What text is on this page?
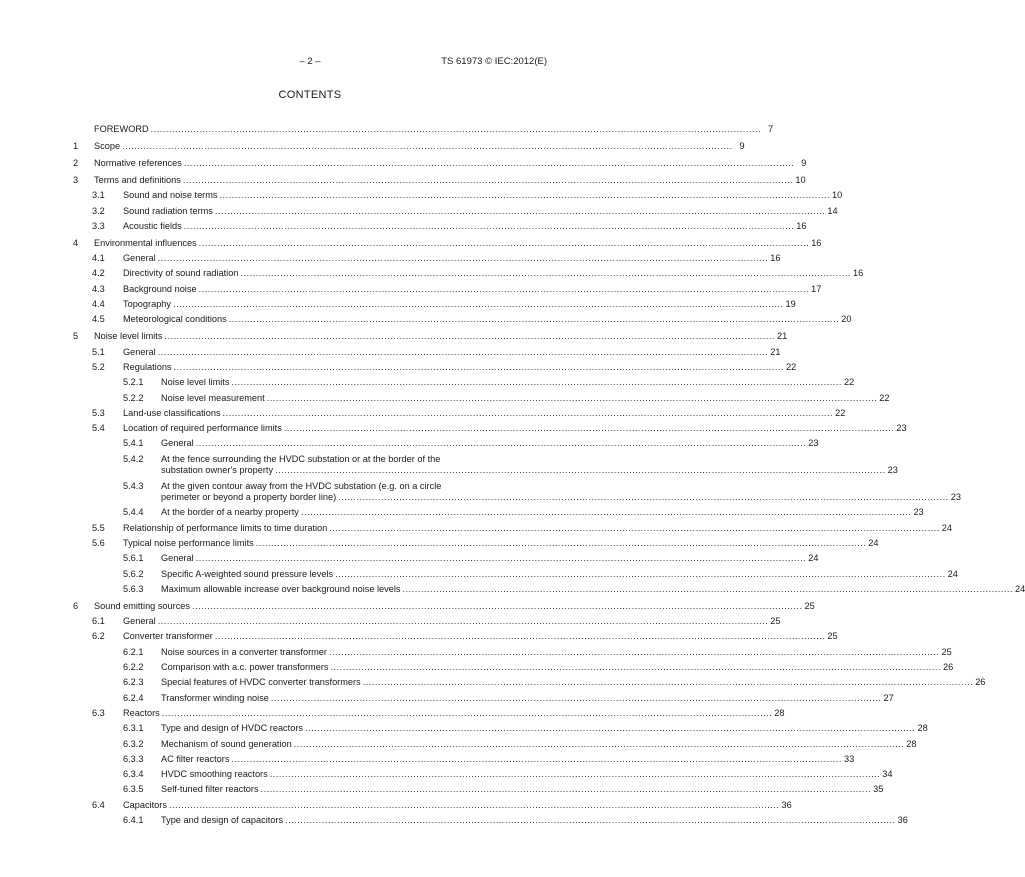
– 2 –	TS 61973 © IEC:2012(E)
CONTENTS
FOREWORD .....	7
1	Scope .....	9
2	Normative references .....	9
3	Terms and definitions .....	10
3.1	Sound and noise terms .....	10
3.2	Sound radiation terms .....	14
3.3	Acoustic fields .....	16
4	Environmental influences .....	16
4.1	General .....	16
4.2	Directivity of sound radiation .....	16
4.3	Background noise .....	17
4.4	Topography .....	19
4.5	Meteorological conditions .....	20
5	Noise level limits .....	21
5.1	General .....	21
5.2	Regulations .....	22
5.2.1	Noise level limits .....	22
5.2.2	Noise level measurement .....	22
5.3	Land-use classifications .....	22
5.4	Location of required performance limits .....	23
5.4.1	General .....	23
5.4.2	At the fence surrounding the HVDC substation or at the border of the
substation owner's property .....	23
5.4.3	At the given contour away from the HVDC substation (e.g. on a circle
perimeter or beyond a property border line) .....	23
5.4.4	At the border of a nearby property .....	23
5.5	Relationship of performance limits to time duration .....	24
5.6	Typical noise performance limits .....	24
5.6.1	General .....	24
5.6.2	Specific A-weighted sound pressure levels .....	24
5.6.3	Maximum allowable increase over background noise levels .....	24
6	Sound emitting sources .....	25
6.1	General .....	25
6.2	Converter transformer .....	25
6.2.1	Noise sources in a converter transformer .....	25
6.2.2	Comparison with a.c. power transformers .....	26
6.2.3	Special features of HVDC converter transformers .....	26
6.2.4	Transformer winding noise .....	27
6.3	Reactors .....	28
6.3.1	Type and design of HVDC reactors .....	28
6.3.2	Mechanism of sound generation .....	28
6.3.3	AC filter reactors .....	33
6.3.4	HVDC smoothing reactors .....	34
6.3.5	Self-tuned filter reactors .....	35
6.4	Capacitors .....	36
6.4.1	Type and design of capacitors .....	36
